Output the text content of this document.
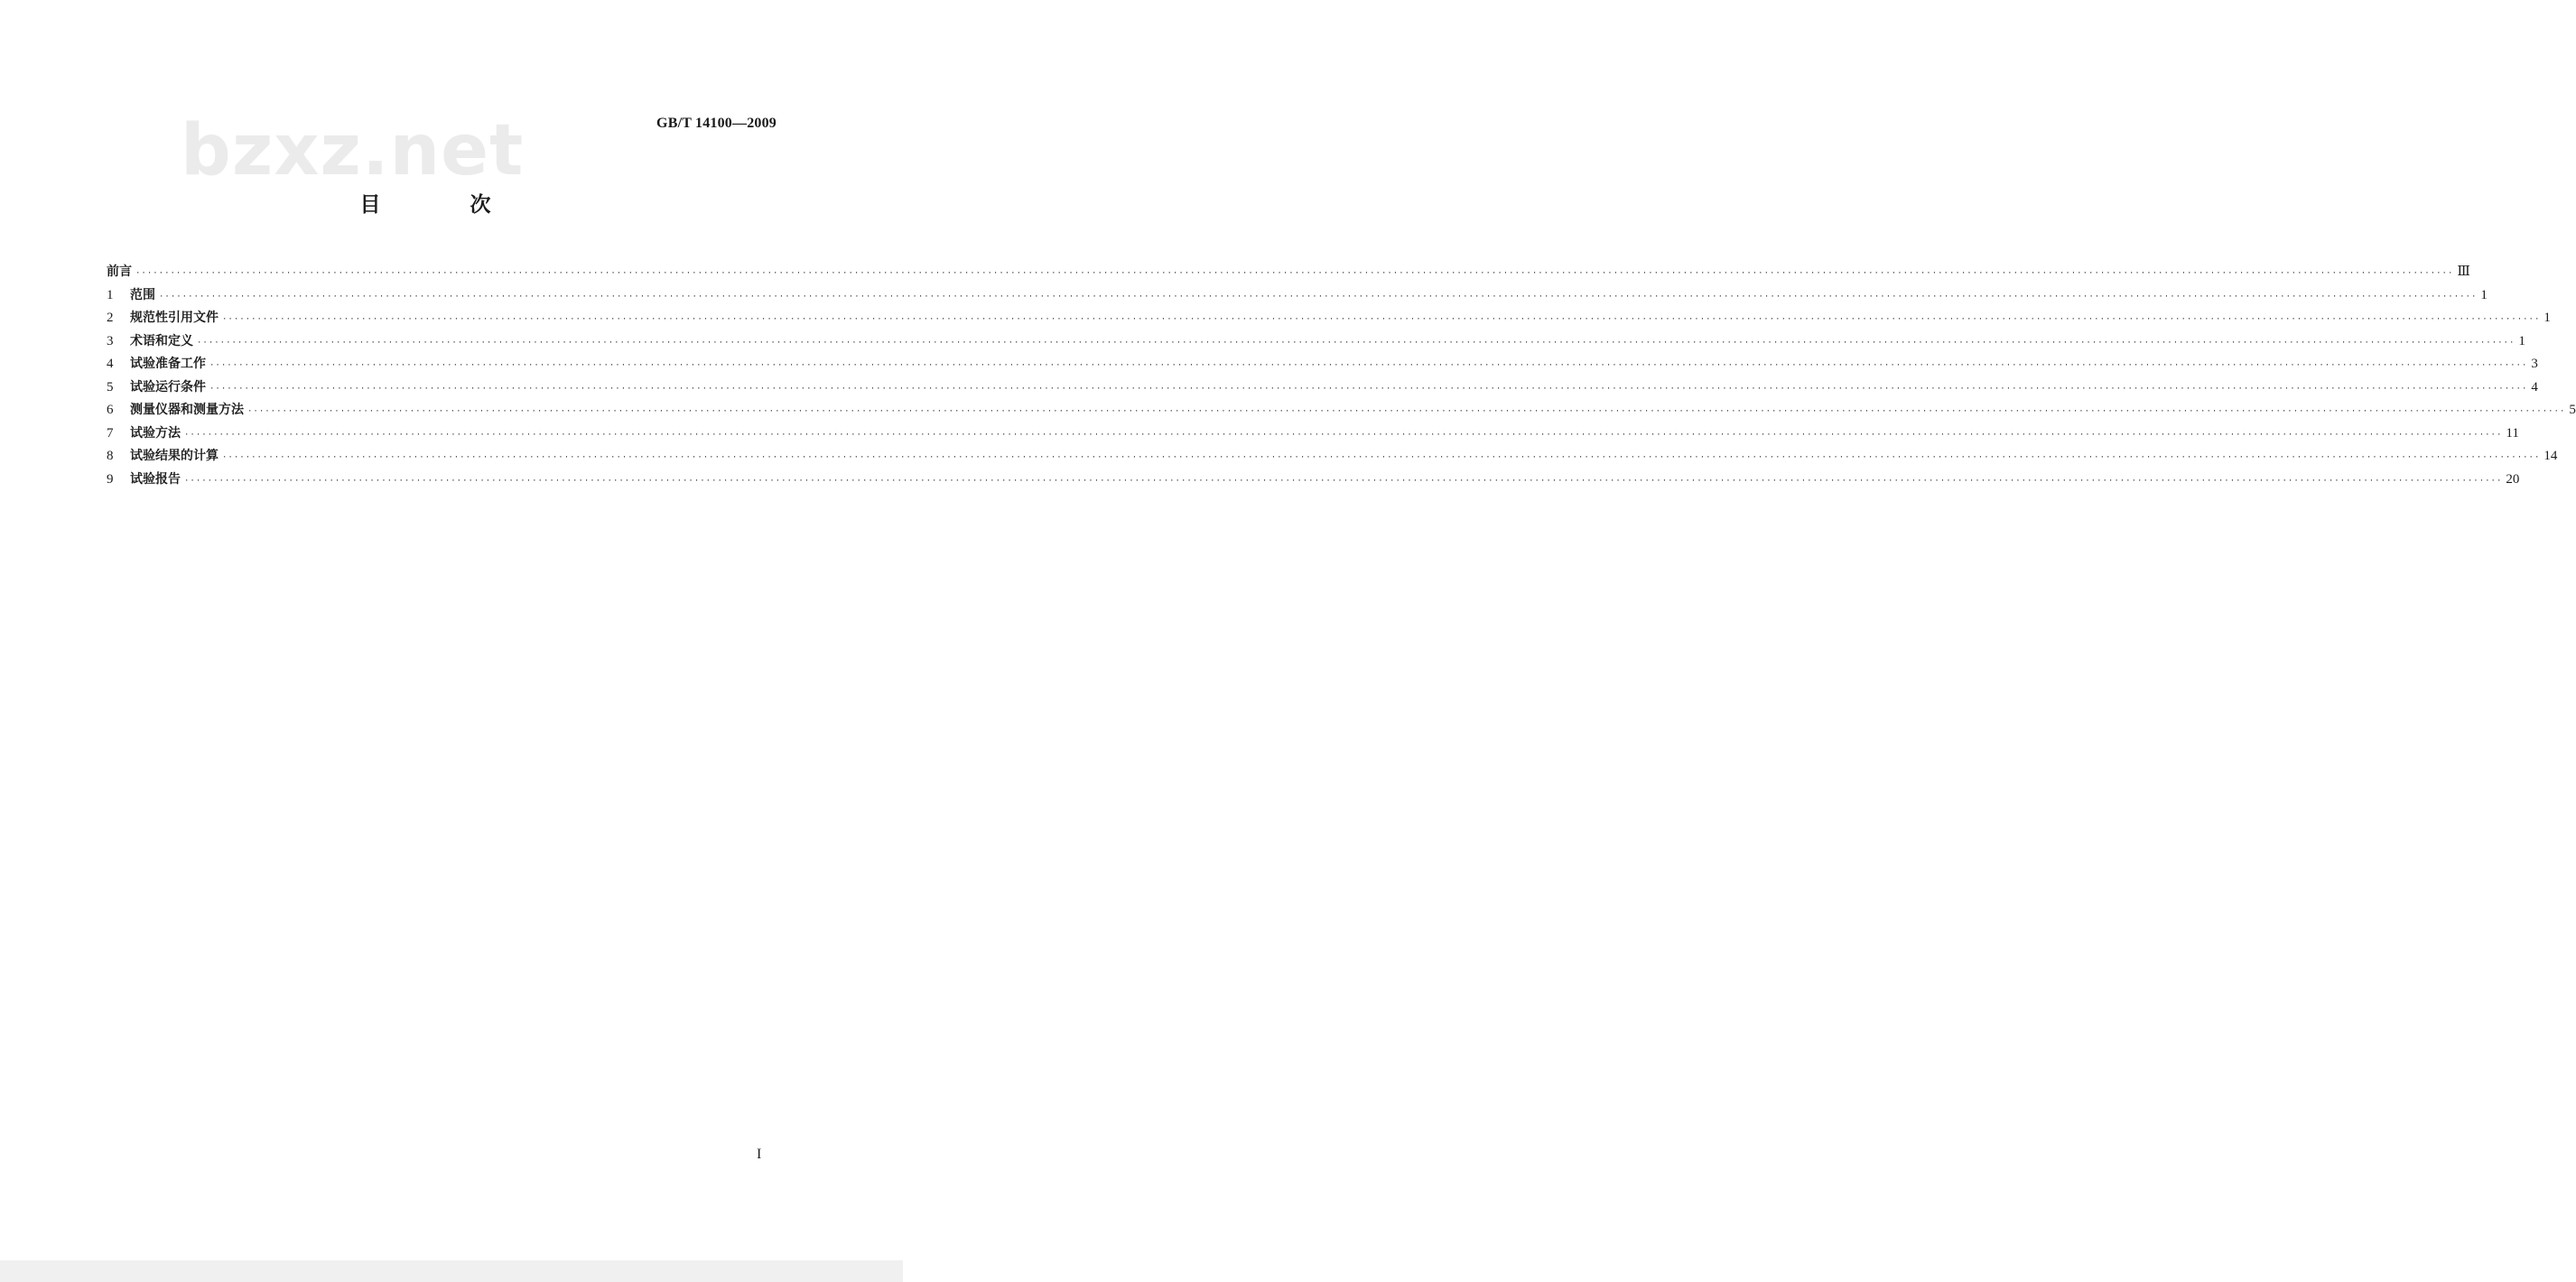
bzxz.net	GB/T 14100—2009
目　次
前言 ················································································································································································································································································································································································································ Ⅲ
1	范围 ················································································································································································································································································································································································································ 1
2	规范性引用文件 ················································································································································································································································································································································································································ 1
3	术语和定义 ················································································································································································································································································································································································································ 1
4	试验准备工作 ················································································································································································································································································································································································································ 3
5	试验运行条件 ················································································································································································································································································································································································································ 4
6	测量仪器和测量方法 ················································································································································································································································································································································································································ 5
7	试验方法 ················································································································································································································································································································································································································ 11
8	试验结果的计算 ················································································································································································································································································································································································································ 14
9	试验报告 ················································································································································································································································································································································································································ 20
I
